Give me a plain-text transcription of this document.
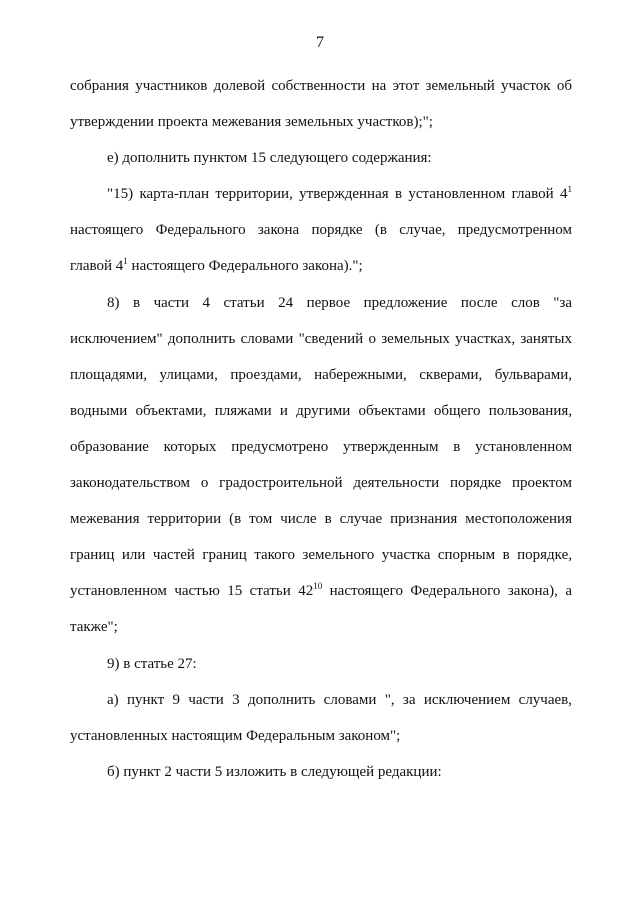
7
собрания участников долевой собственности на этот земельный участок об
утверждении проекта межевания земельных участков);";
е) дополнить пунктом 15 следующего содержания:
"15) карта-план территории, утвержденная в установленном главой $4^1$
настоящего Федерального закона порядке (в случае, предусмотренном
главой $4^1$ настоящего Федерального закона).";
8) в части 4 статьи 24 первое предложение после слов "за
исключением" дополнить словами "сведений о земельных участках, занятых
площадями, улицами, проездами, набережными, скверами, бульварами,
водными объектами, пляжами и другими объектами общего пользования,
образование которых предусмотрено утвержденным в установленном
законодательством о градостроительной деятельности порядке проектом
межевания территории (в том числе в случае признания местоположения
границ или частей границ такого земельного участка спорным в порядке,
установленном частью 15 статьи $42^{10}$ настоящего Федерального закона), а
также";
9) в статье 27:
а) пункт 9 части 3 дополнить словами ", за исключением случаев,
установленных настоящим Федеральным законом";
б) пункт 2 части 5 изложить в следующей редакции:
